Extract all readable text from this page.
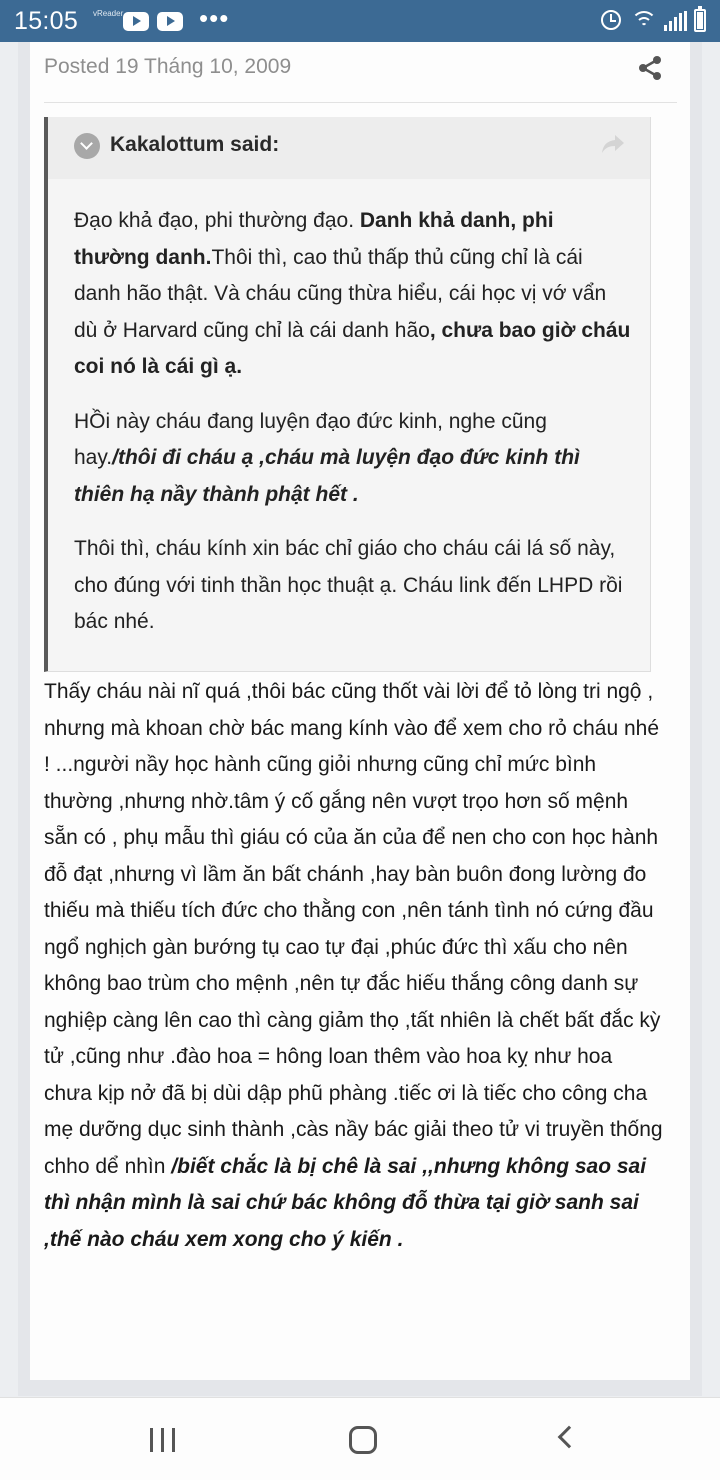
15:05 vReader	•••
Posted 19 Tháng 10, 2009
Kakalottum said:

Đạo khả đạo, phi thường đạo. Danh khả danh, phi thường danh.Thôi thì, cao thủ thấp thủ cũng chỉ là cái danh hão thật. Và cháu cũng thừa hiểu, cái học vị vớ vẩn dù ở Harvard cũng chỉ là cái danh hão, chưa bao giờ cháu coi nó là cái gì ạ.

HỒi này cháu đang luyện đạo đức kinh, nghe cũng hay./thôi đi cháu ạ ,cháu mà luyện đạo đức kinh thì thiên hạ nầy thành phật hết .

Thôi thì, cháu kính xin bác chỉ giáo cho cháu cái lá số này, cho đúng với tinh thần học thuật ạ. Cháu link đến LHPD rồi bác nhé.

Thấy cháu nài nĩ quá ,thôi bác cũng thốt vài lời để tỏ lòng tri ngộ , nhưng mà khoan chờ bác mang kính vào để xem cho rỏ cháu nhé ! ...người nầy học hành cũng giỏi nhưng cũng chỉ mức bình thường ,nhưng nhờ.tâm ý cố gắng nên vượt trọo hơn số mệnh sẵn có , phụ mẫu thì giáu có của ăn của để nen cho con học hành đỗ đạt ,nhưng vì lầm ăn bất chánh ,hay bàn buôn đong lường đo thiếu mà thiếu tích đức cho thằng con ,nên tánh tình nó cứng đầu ngổ nghịch gàn bướng tụ cao tự đại ,phúc đức thì xấu cho nên không bao trùm cho mệnh ,nên tự đắc hiếu thắng công danh sự nghiệp càng lên cao thì càng giảm thọ ,tất nhiên là chết bất đắc kỳ tử ,cũng như .đào hoa = hông loan thêm vào hoa kỵ như hoa chưa kịp nở đã bị dùi dập phũ phàng .tiếc ơi là tiếc cho công cha mẹ dưỡng dục sinh thành ,càs nầy bác giải theo tử vi truyền thống chho dể nhìn /biết chắc là bị chê là sai ,,nhưng không sao sai thì nhận mình là sai chứ bác không đỗ thừa tại giờ sanh sai ,thế nào cháu xem xong cho ý kiến .
